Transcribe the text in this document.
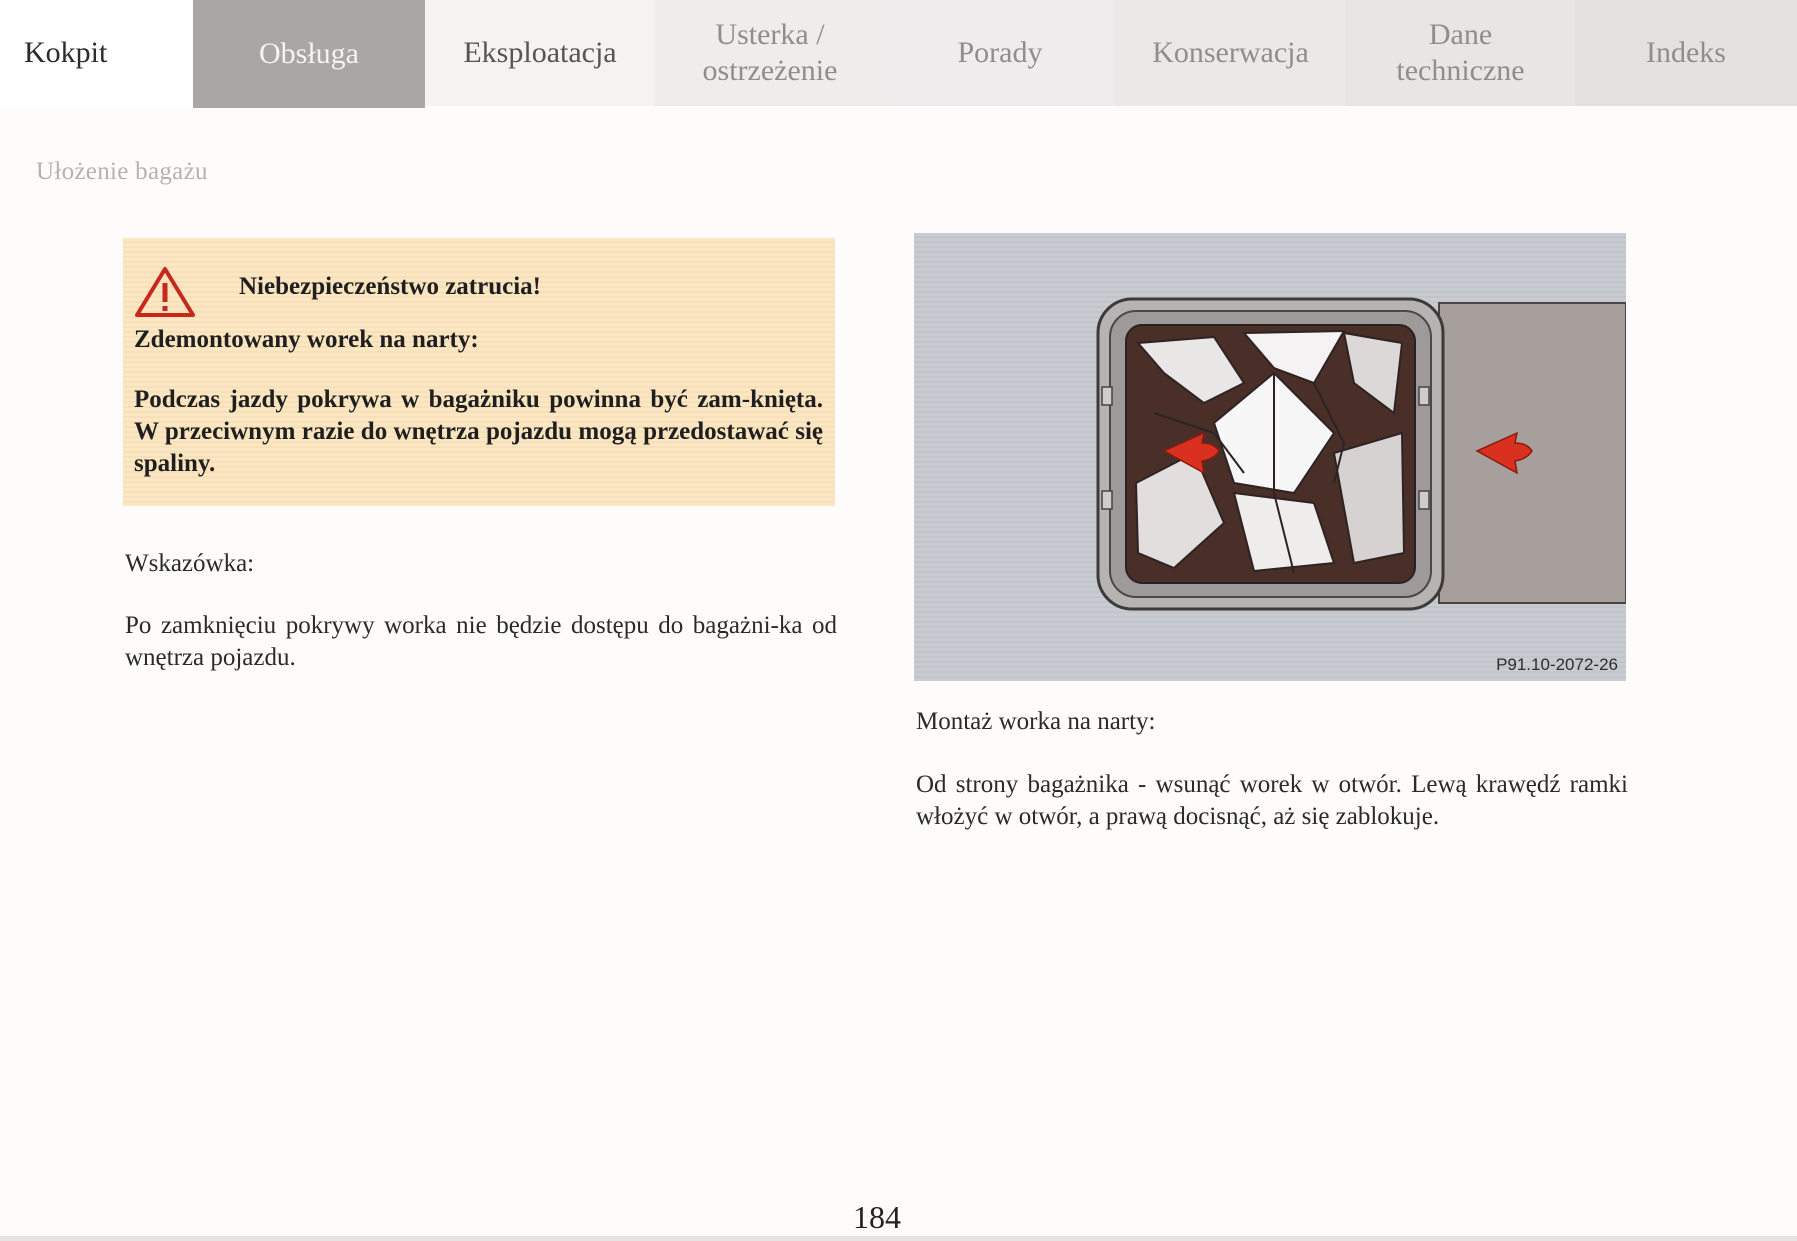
Kokpit	Obsługa	Eksploatacja
Usterka /
ostrzeżenie
Porady	Konserwacja
Dane
techniczne
Indeks
Ułożenie bagażu
Niebezpieczeństwo zatrucia!
Zdemontowany worek na narty:
Podczas jazdy pokrywa w bagażniku powinna być zam-knięta. W przeciwnym razie do wnętrza pojazdu mogą przedostawać się spaliny.
Wskazówka:
Po zamknięciu pokrywy worka nie będzie dostępu do bagażni-ka od wnętrza pojazdu.	P91.10-2072-26
Montaż worka na narty:
Od strony bagażnika - wsunąć worek w otwór. Lewą krawędź ramki włożyć w otwór, a prawą docisnąć, aż się zablokuje.
184
